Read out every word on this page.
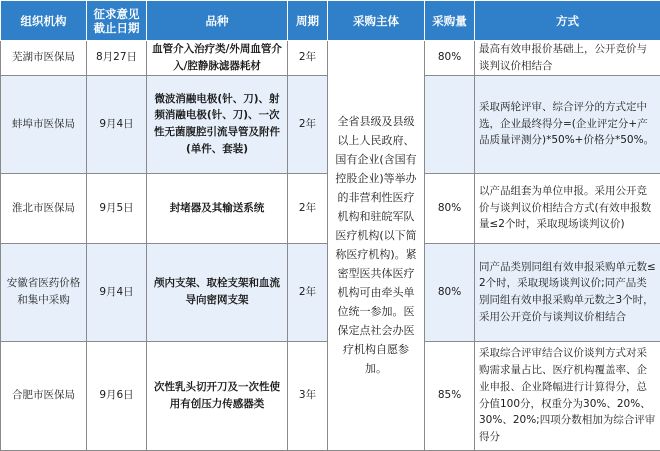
组织机构	征求意见截止日期	品种	周期	采购主体	采购量	方式
芜湖市医保局	8月27日	血管介入治疗类/外周血管介入/腔静脉滤器耗材	2年	全省县级及县级以上人民政府、国有企业(含国有控股企业)等举办的非营利性医疗机构和驻皖军队医疗机构(以下简称医疗机构)。紧密型医共体医疗机构可由牵头单位统一参加。医保定点社会办医疗机构自愿参加。	80%	最高有效申报价基础上，公开竞价与谈判议价相结合
蚌埠市医保局	9月4日	微波消融电极(针、刀)、射频消融电极(针、刀)、一次性无菌腹腔引流导管及附件(单件、套装)	2年			采取两轮评审、综合评分的方式定中选，企业最终得分=(企业评定分+产品质量评测分)*50%+价格分*50%。
淮北市医保局	9月5日	封堵器及其输送系统	2年		80%	以产品组套为单位申报。采用公开竞价与谈判议价相结合方式(有效申报数量≤2个时，采取现场谈判议价)
安徽省医药价格和集中采购	9月4日	颅内支架、取栓支架和血流导向密网支架	2年		80%	同产品类别同组有效申报采购单元数≤2个时，采取现场谈判议价;同产品类别同组有效申报采购单元数之3个时，采用公开竞价与谈判议价相结合
合肥市医保局	9月6日	次性乳头切开刀及一次性使用有创压力传感器类	3年		85%	采取综合评审结合议价谈判方式对采购需求量占比、医疗机构覆盖率、企业申报、企业降幅进行计算得分，总分值100分，权重分为30%、20%、30%、20%;四项分数相加为综合评审得分
